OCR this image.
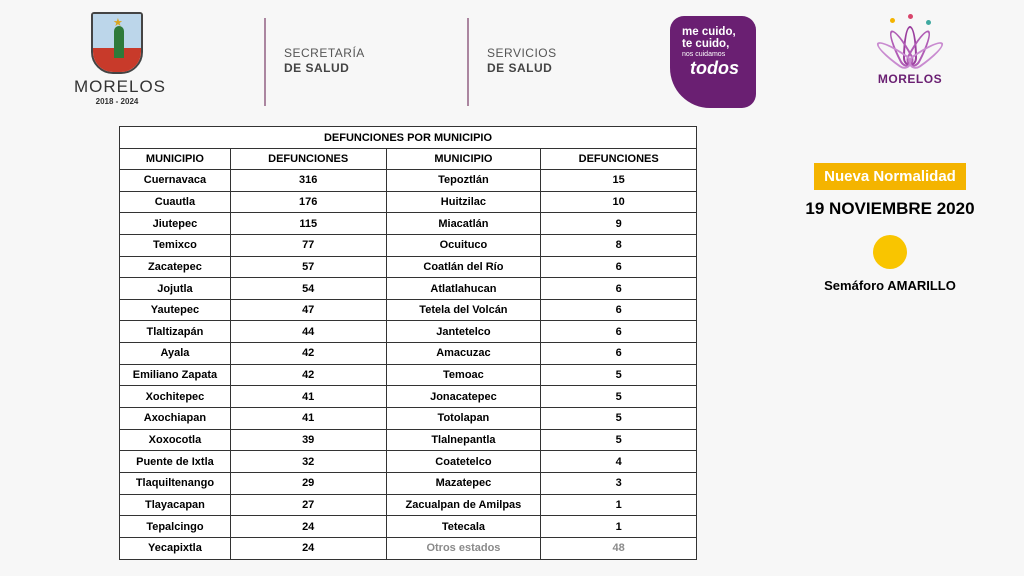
★
MORELOS
2018 - 2024
SECRETARÍA
DE SALUD
SERVICIOS
DE SALUD
me cuido,
te cuido,
nos cuidamos
todos
MORELOS

DEFUNCIONES POR MUNICIPIO			
MUNICIPIO	DEFUNCIONES	MUNICIPIO	DEFUNCIONES
Cuernavaca	316	Tepoztlán	15
Cuautla	176	Huitzilac	10
Jiutepec	115	Miacatlán	9
Temixco	77	Ocuituco	8
Zacatepec	57	Coatlán del Río	6
Jojutla	54	Atlatlahucan	6
Yautepec	47	Tetela del Volcán	6
Tlaltizapán	44	Jantetelco	6
Ayala	42	Amacuzac	6
Emiliano Zapata	42	Temoac	5
Xochitepec	41	Jonacatepec	5
Axochiapan	41	Totolapan	5
Xoxocotla	39	Tlalnepantla	5
Puente de Ixtla	32	Coatetelco	4
Tlaquiltenango	29	Mazatepec	3
Tlayacapan	27	Zacualpan de Amilpas	1
Tepalcingo	24	Tetecala	1
Yecapixtla	24	Otros estados	48
Nueva Normalidad
19 NOVIEMBRE 2020
Semáforo AMARILLO
